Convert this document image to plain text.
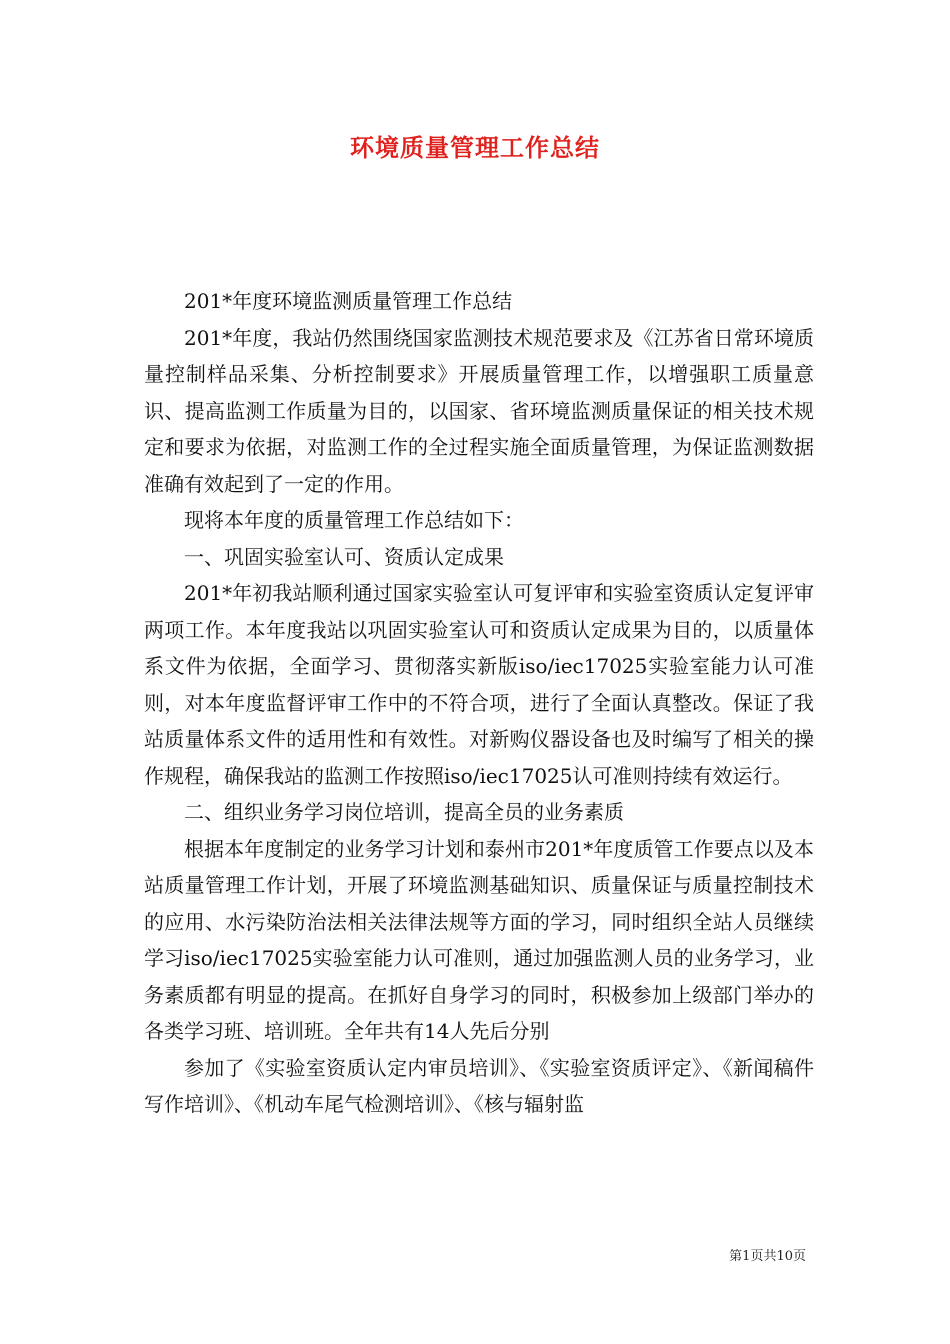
环境质量管理工作总结

201*年度环境监测质量管理工作总结

201*年度，我站仍然围绕国家监测技术规范要求及《江苏省日常环境质量控制样品采集、分析控制要求》开展质量管理工作，以增强职工质量意识、提高监测工作质量为目的，以国家、省环境监测质量保证的相关技术规定和要求为依据，对监测工作的全过程实施全面质量管理，为保证监测数据准确有效起到了一定的作用。

现将本年度的质量管理工作总结如下：

一、巩固实验室认可、资质认定成果

201*年初我站顺利通过国家实验室认可复评审和实验室资质认定复评审两项工作。本年度我站以巩固实验室认可和资质认定成果为目的，以质量体系文件为依据，全面学习、贯彻落实新版iso/iec17025实验室能力认可准则，对本年度监督评审工作中的不符合项，进行了全面认真整改。保证了我站质量体系文件的适用性和有效性。对新购仪器设备也及时编写了相关的操作规程，确保我站的监测工作按照iso/iec17025认可准则持续有效运行。

二、组织业务学习岗位培训，提高全员的业务素质

根据本年度制定的业务学习计划和泰州市201*年度质管工作要点以及本站质量管理工作计划，开展了环境监测基础知识、质量保证与质量控制技术的应用、水污染防治法相关法律法规等方面的学习，同时组织全站人员继续学习iso/iec17025实验室能力认可准则，通过加强监测人员的业务学习，业务素质都有明显的提高。在抓好自身学习的同时，积极参加上级部门举办的各类学习班、培训班。全年共有14人先后分别

参加了《实验室资质认定内审员培训》、《实验室资质评定》、《新闻稿件写作培训》、《机动车尾气检测培训》、《核与辐射监

第1页共10页
